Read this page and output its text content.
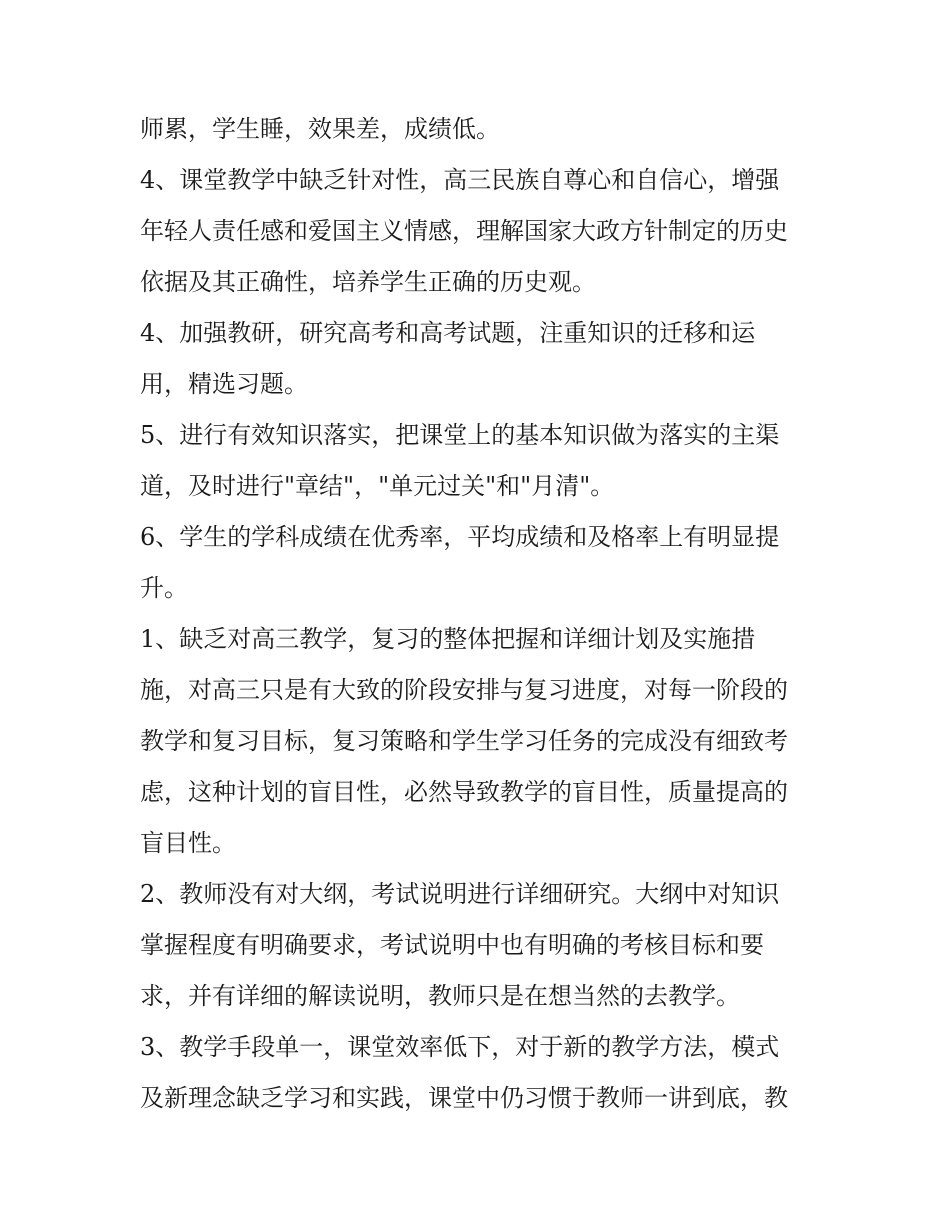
师累，学生睡，效果差，成绩低。
4、课堂教学中缺乏针对性，高三民族自尊心和自信心，增强
年轻人责任感和爱国主义情感，理解国家大政方针制定的历史
依据及其正确性，培养学生正确的历史观。
4、加强教研，研究高考和高考试题，注重知识的迁移和运
用，精选习题。
5、进行有效知识落实，把课堂上的基本知识做为落实的主渠
道，及时进行"章结"，"单元过关"和"月清"。
6、学生的学科成绩在优秀率，平均成绩和及格率上有明显提
升。
1、缺乏对高三教学，复习的整体把握和详细计划及实施措
施，对高三只是有大致的阶段安排与复习进度，对每一阶段的
教学和复习目标，复习策略和学生学习任务的完成没有细致考
虑，这种计划的盲目性，必然导致教学的盲目性，质量提高的
盲目性。
2、教师没有对大纲，考试说明进行详细研究。大纲中对知识
掌握程度有明确要求，考试说明中也有明确的考核目标和要
求，并有详细的解读说明，教师只是在想当然的去教学。
3、教学手段单一，课堂效率低下，对于新的教学方法，模式
及新理念缺乏学习和实践，课堂中仍习惯于教师一讲到底，教
